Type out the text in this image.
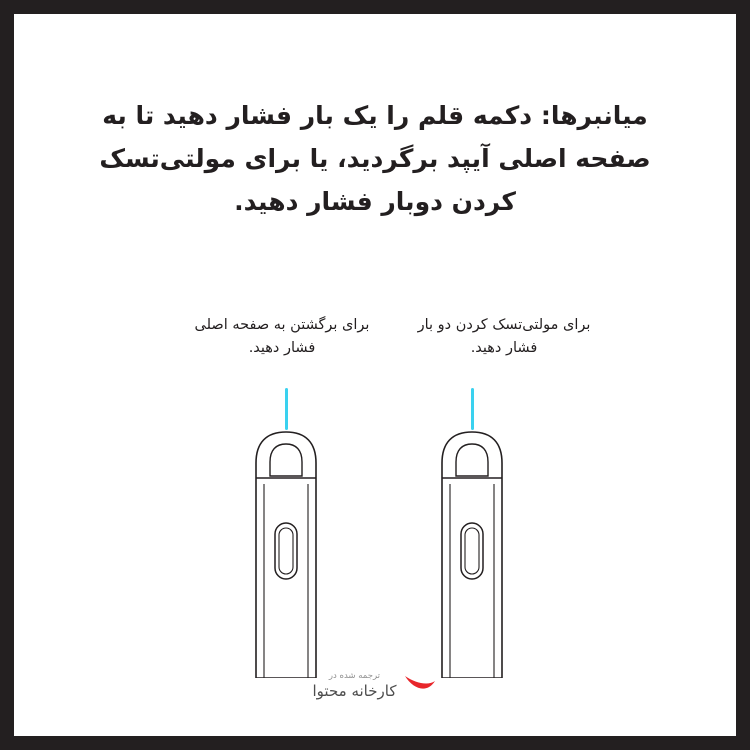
میانبرها: دکمه قلم را یک بار فشار دهید تا به صفحه اصلی آیپد برگردید، یا برای مولتی‌تسک کردن دوبار فشار دهید.
برای برگشتن به صفحه اصلی فشار دهید.
برای مولتی‌تسک کردن دو بار فشار دهید.
ترجمه شده در
کارخانه محتوا
